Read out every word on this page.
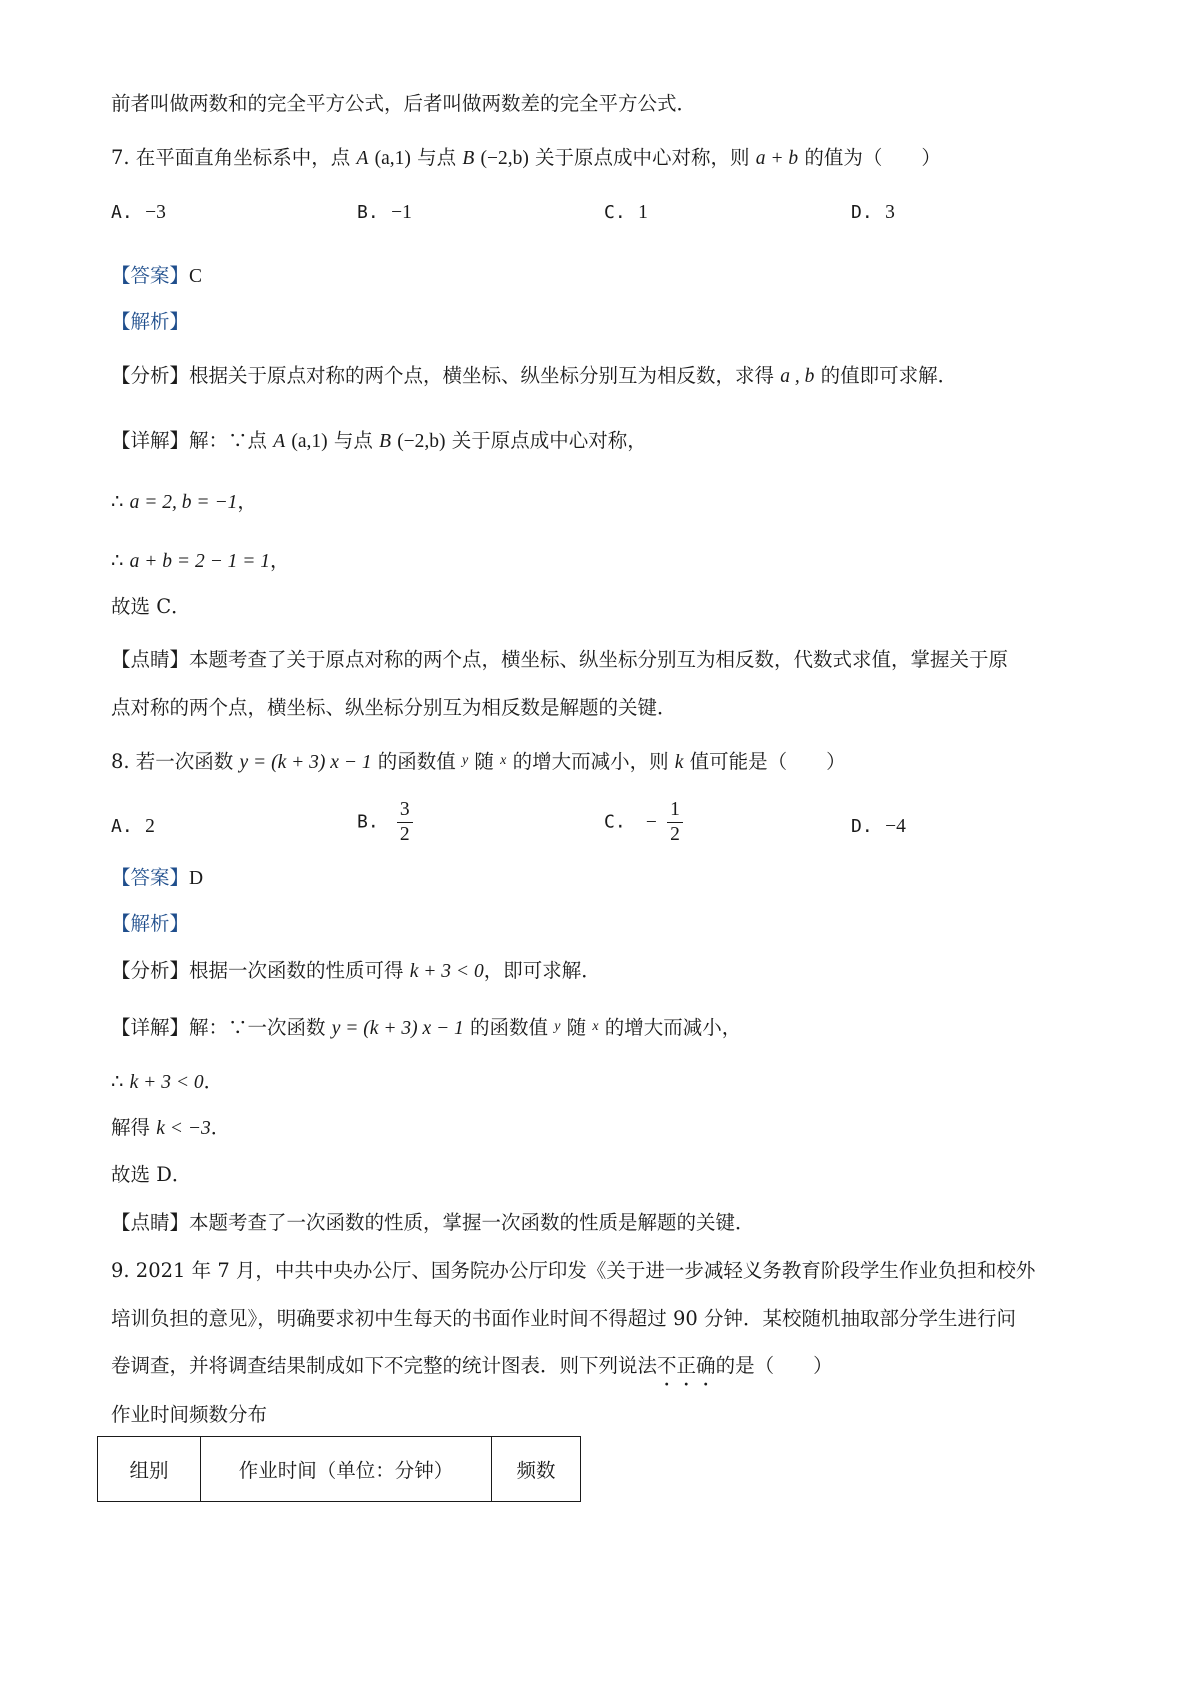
前者叫做两数和的完全平方公式，后者叫做两数差的完全平方公式．
7. 在平面直角坐标系中，点 A (a,1) 与点 B (−2,b) 关于原点成中心对称，则 a + b 的值为（　　）
A. −3	B. −1	C. 1	D. 3
【答案】C
【解析】
【分析】根据关于原点对称的两个点，横坐标、纵坐标分别互为相反数，求得 a , b 的值即可求解．
【详解】解：∵点 A (a,1) 与点 B (−2,b) 关于原点成中心对称，
∴ a = 2, b = −1，
∴ a + b = 2 − 1 = 1，
故选 C．
【点睛】本题考查了关于原点对称的两个点，横坐标、纵坐标分别互为相反数，代数式求值，掌握关于原
点对称的两个点，横坐标、纵坐标分别互为相反数是解题的关键．
8. 若一次函数 y = (k + 3) x − 1 的函数值 $^y$ 随 $^x$ 的增大而减小，则 k 值可能是（　　）
A. 2	B. $\frac{3}{2}$	C. − $\frac{1}{2}$	D. −4
【答案】D
【解析】
【分析】根据一次函数的性质可得 k + 3 < 0，即可求解．
【详解】解：∵一次函数 y = (k + 3) x − 1 的函数值 $^y$ 随 $^x$ 的增大而减小，
∴ k + 3 < 0．
解得 k < −3．
故选 D．
【点睛】本题考查了一次函数的性质，掌握一次函数的性质是解题的关键．
9. 2021 年 7 月，中共中央办公厅、国务院办公厅印发《关于进一步减轻义务教育阶段学生作业负担和校外
培训负担的意见》，明确要求初中生每天的书面作业时间不得超过 90 分钟．某校随机抽取部分学生进行问
卷调查，并将调查结果制成如下不完整的统计图表．则下列说法不正确的是（　　）
作业时间频数分布
组别	作业时间（单位：分钟）	频数
